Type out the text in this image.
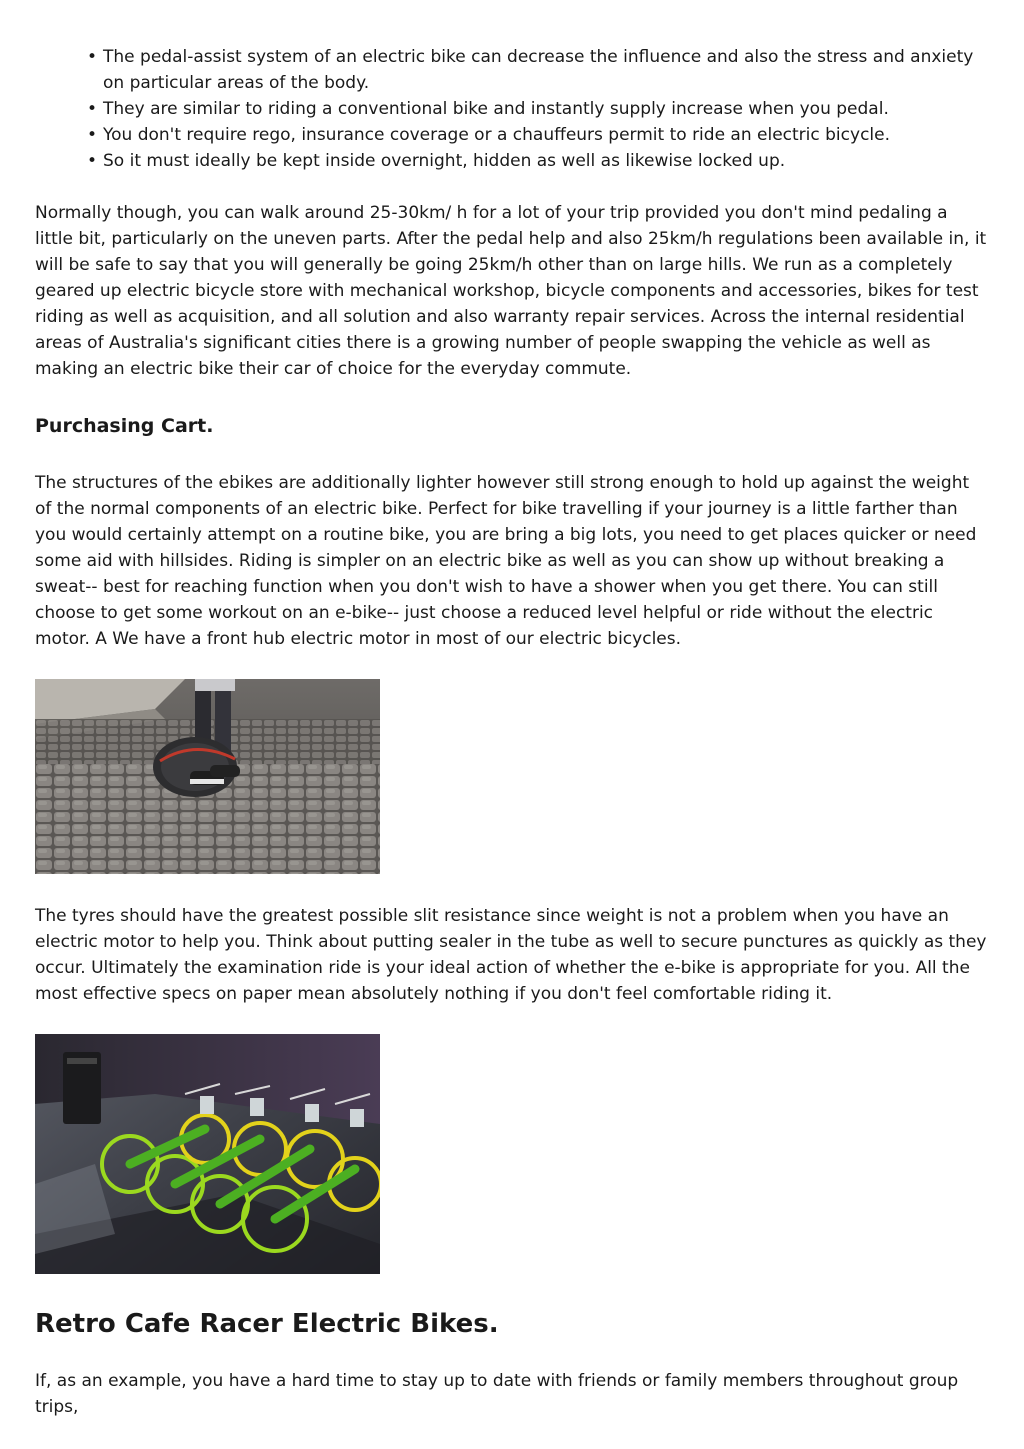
• The pedal-assist system of an electric bike can decrease the influence and also the stress and anxiety on particular areas of the body.
• They are similar to riding a conventional bike and instantly supply increase when you pedal.
• You don't require rego, insurance coverage or a chauffeurs permit to ride an electric bicycle.
• So it must ideally be kept inside overnight, hidden as well as likewise locked up.

Normally though, you can walk around 25-30km/ h for a lot of your trip provided you don't mind pedaling a little bit, particularly on the uneven parts. After the pedal help and also 25km/h regulations been available in, it will be safe to say that you will generally be going 25km/h other than on large hills. We run as a completely geared up electric bicycle store with mechanical workshop, bicycle components and accessories, bikes for test riding as well as acquisition, and all solution and also warranty repair services. Across the internal residential areas of Australia's significant cities there is a growing number of people swapping the vehicle as well as making an electric bike their car of choice for the everyday commute.

Purchasing Cart.

The structures of the ebikes are additionally lighter however still strong enough to hold up against the weight of the normal components of an electric bike. Perfect for bike travelling if your journey is a little farther than you would certainly attempt on a routine bike, you are bring a big lots, you need to get places quicker or need some aid with hillsides. Riding is simpler on an electric bike as well as you can show up without breaking a sweat-- best for reaching function when you don't wish to have a shower when you get there. You can still choose to get some workout on an e-bike-- just choose a reduced level helpful or ride without the electric motor. A We have a front hub electric motor in most of our electric bicycles.

The tyres should have the greatest possible slit resistance since weight is not a problem when you have an electric motor to help you. Think about putting sealer in the tube as well to secure punctures as quickly as they occur. Ultimately the examination ride is your ideal action of whether the e-bike is appropriate for you. All the most effective specs on paper mean absolutely nothing if you don't feel comfortable riding it.

Retro Cafe Racer Electric Bikes.

If, as an example, you have a hard time to stay up to date with friends or family members throughout group trips,
